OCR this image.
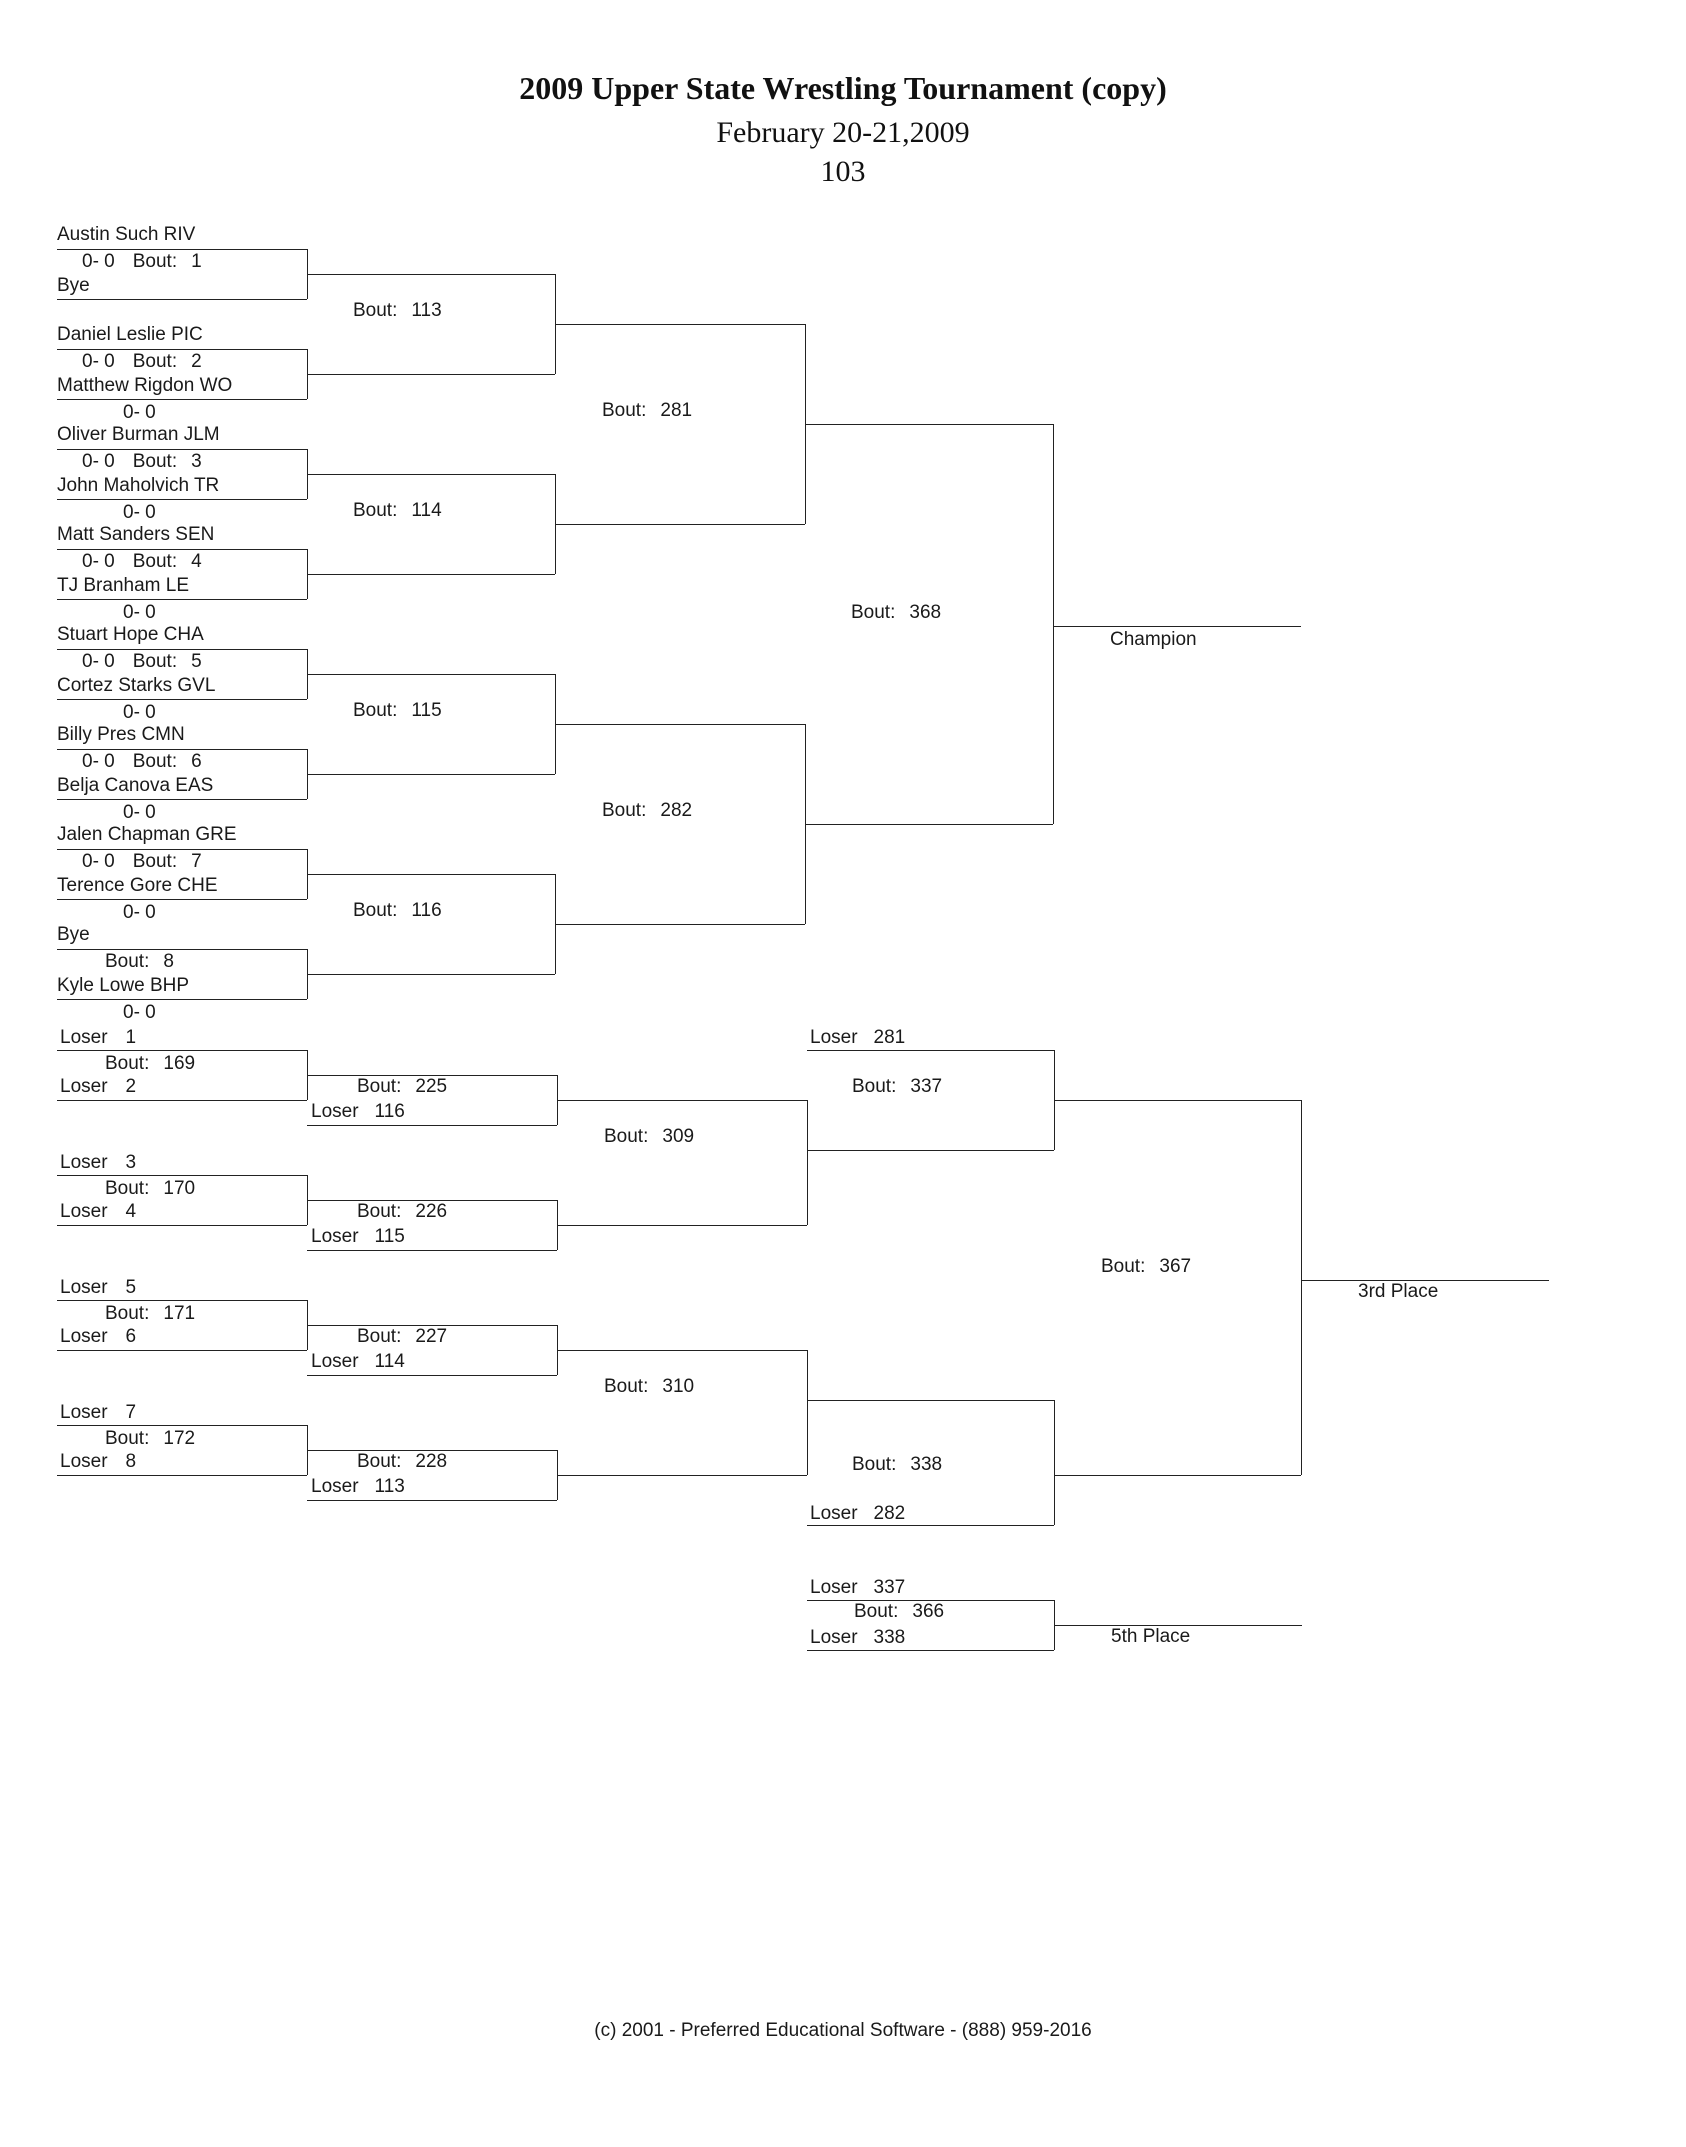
2009 Upper State Wrestling Tournament (copy)
February 20-21,2009
103
Austin Such RIV
0- 0 Bout: 1
Bye
Daniel Leslie PIC
0- 0 Bout: 2
Matthew Rigdon WO
0- 0
Oliver Burman JLM
0- 0 Bout: 3
John Maholvich TR
0- 0
Matt Sanders SEN
0- 0 Bout: 4
TJ Branham LE
0- 0
Stuart Hope CHA
0- 0 Bout: 5
Cortez Starks GVL
0- 0
Billy Pres CMN
0- 0 Bout: 6
Belja Canova EAS
0- 0
Jalen Chapman GRE
0- 0 Bout: 7
Terence Gore CHE
0- 0
Bye
Bout: 8
Kyle Lowe BHP
0- 0
Bout: 113
Bout: 114
Bout: 115
Bout: 116
Bout: 281
Bout: 282
Bout: 368
Champion
Loser 1
Bout: 169
Loser 2	Bout: 225
Loser 116
Loser 3
Bout: 170
Loser 4	Bout: 226
Loser 115
Loser 5
Bout: 171
Loser 6	Bout: 227
Loser 114
Loser 7
Bout: 172
Loser 8	Bout: 228
Loser 113
Bout: 309
Bout: 310
Loser 281
Bout: 337
Bout: 338
Loser 282
Bout: 367
3rd Place
Loser 337
Bout: 366
Loser 338	5th Place
(c) 2001 - Preferred Educational Software - (888) 959-2016
